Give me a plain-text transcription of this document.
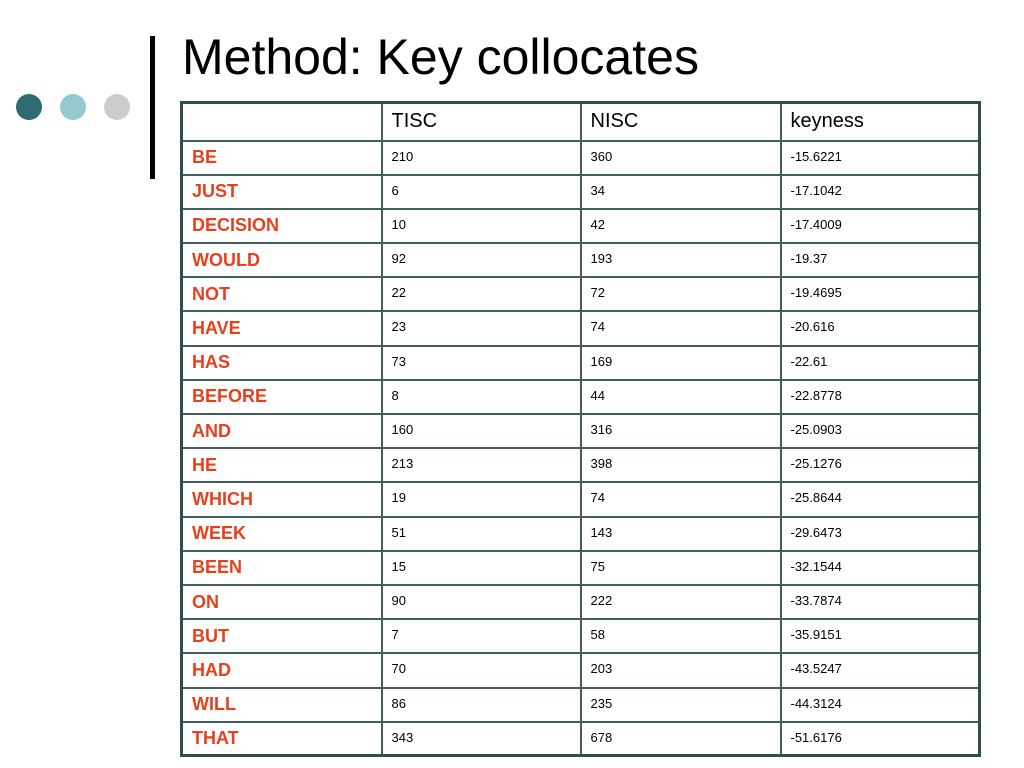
Method: Key collocates
	TISC	NISC	keyness
BE	210	360	-15.6221
JUST	6	34	-17.1042
DECISION	10	42	-17.4009
WOULD	92	193	-19.37
NOT	22	72	-19.4695
HAVE	23	74	-20.616
HAS	73	169	-22.61
BEFORE	8	44	-22.8778
AND	160	316	-25.0903
HE	213	398	-25.1276
WHICH	19	74	-25.8644
WEEK	51	143	-29.6473
BEEN	15	75	-32.1544
ON	90	222	-33.7874
BUT	7	58	-35.9151
HAD	70	203	-43.5247
WILL	86	235	-44.3124
THAT	343	678	-51.6176
